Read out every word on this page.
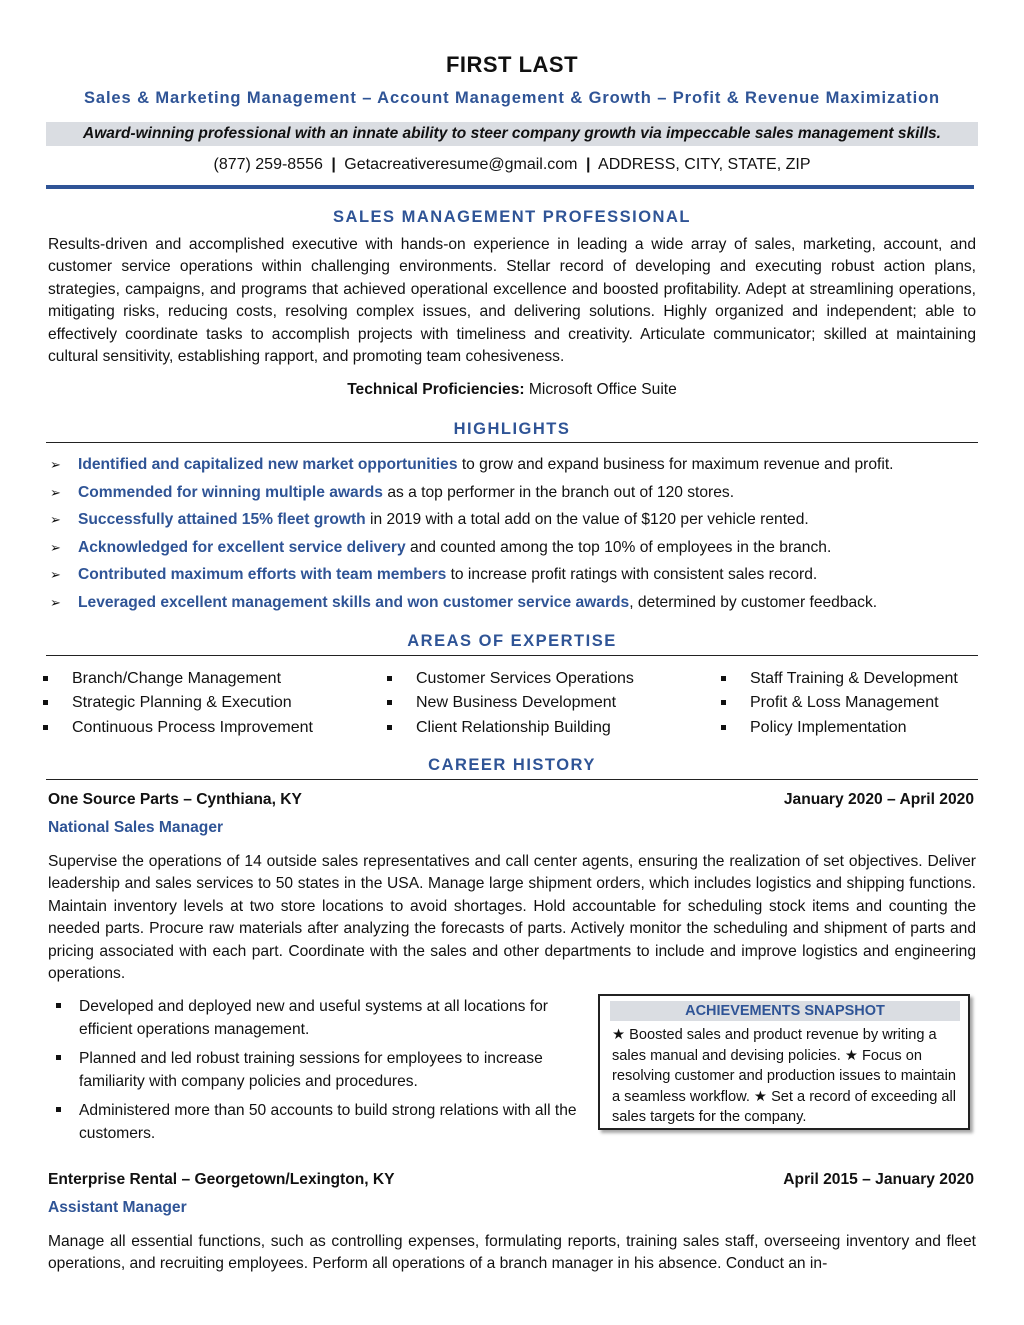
FIRST LAST
Sales & Marketing Management – Account Management & Growth – Profit & Revenue Maximization
Award-winning professional with an innate ability to steer company growth via impeccable sales management skills.
(877) 259-8556 | Getacreativeresume@gmail.com | ADDRESS, CITY, STATE, ZIP
SALES MANAGEMENT PROFESSIONAL

Results-driven and accomplished executive with hands-on experience in leading a wide array of sales, marketing, account, and customer service operations within challenging environments. Stellar record of developing and executing robust action plans, strategies, campaigns, and programs that achieved operational excellence and boosted profitability. Adept at streamlining operations, mitigating risks, reducing costs, resolving complex issues, and delivering solutions. Highly organized and independent; able to effectively coordinate tasks to accomplish projects with timeliness and creativity. Articulate communicator; skilled at maintaining cultural sensitivity, establishing rapport, and promoting team cohesiveness.

Technical Proficiencies: Microsoft Office Suite
HIGHLIGHTS
➢ Identified and capitalized new market opportunities to grow and expand business for maximum revenue and profit.
➢ Commended for winning multiple awards as a top performer in the branch out of 120 stores.
➢ Successfully attained 15% fleet growth in 2019 with a total add on the value of $120 per vehicle rented.
➢ Acknowledged for excellent service delivery and counted among the top 10% of employees in the branch.
➢ Contributed maximum efforts with team members to increase profit ratings with consistent sales record.
➢ Leveraged excellent management skills and won customer service awards, determined by customer feedback.
AREAS OF EXPERTISE
Branch/Change Management
Strategic Planning & Execution
Continuous Process Improvement
Customer Services Operations
New Business Development
Client Relationship Building
Staff Training & Development
Profit & Loss Management
Policy Implementation
CAREER HISTORY
One Source Parts – Cynthiana, KY	January 2020 – April 2020
National Sales Manager

Supervise the operations of 14 outside sales representatives and call center agents, ensuring the realization of set objectives. Deliver leadership and sales services to 50 states in the USA. Manage large shipment orders, which includes logistics and shipping functions. Maintain inventory levels at two store locations to avoid shortages. Hold accountable for scheduling stock items and counting the needed parts. Procure raw materials after analyzing the forecasts of parts. Actively monitor the scheduling and shipment of parts and pricing associated with each part. Coordinate with the sales and other departments to include and improve logistics and engineering operations.

Developed and deployed new and useful systems at all locations for efficient operations management.
Planned and led robust training sessions for employees to increase familiarity with company policies and procedures.
Administered more than 50 accounts to build strong relations with all the customers.
ACHIEVEMENTS SNAPSHOT

★ Boosted sales and product revenue by writing a sales manual and devising policies. ★ Focus on resolving customer and production issues to maintain a seamless workflow. ★ Set a record of exceeding all sales targets for the company.

Enterprise Rental – Georgetown/Lexington, KY	April 2015 – January 2020
Assistant Manager

Manage all essential functions, such as controlling expenses, formulating reports, training sales staff, overseeing inventory and fleet operations, and recruiting employees. Perform all operations of a branch manager in his absence. Conduct an in-
